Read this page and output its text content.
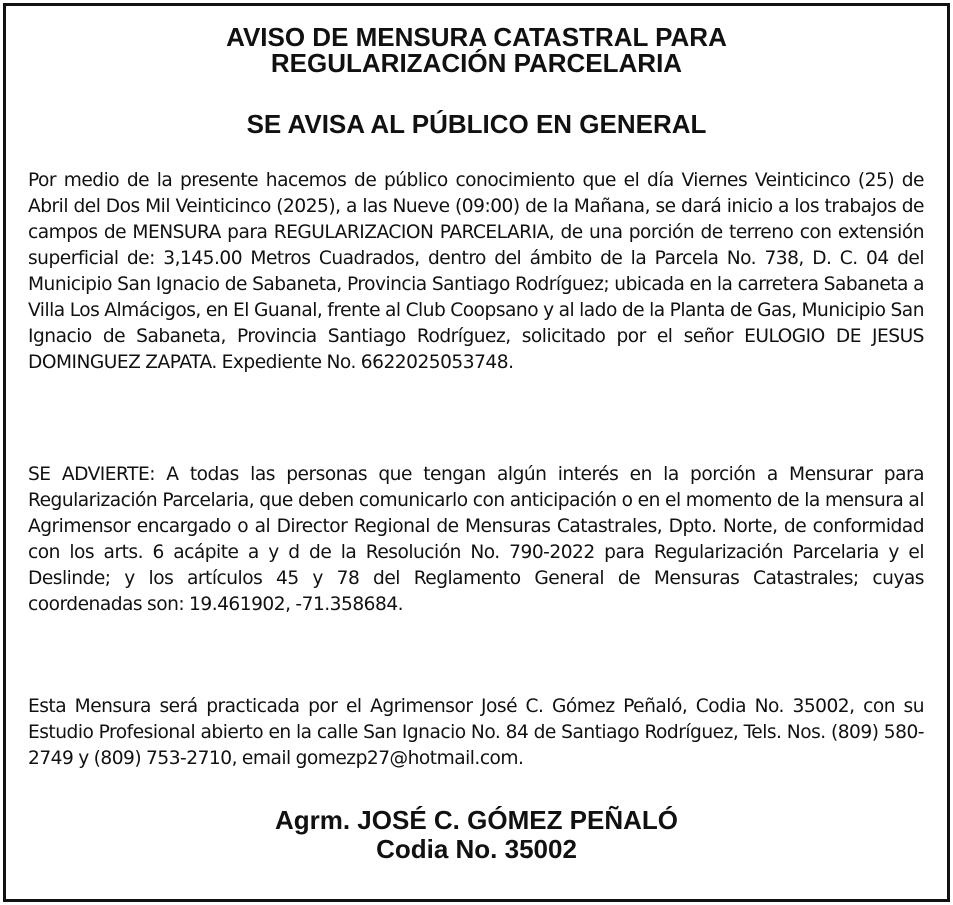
AVISO DE MENSURA CATASTRAL PARA
REGULARIZACIÓN PARCELARIA
SE AVISA AL PÚBLICO EN GENERAL

Por medio de la presente hacemos de público conocimiento que el día Viernes Veinticinco (25) de Abril del Dos Mil Veinticinco (2025), a las Nueve (09:00) de la Mañana, se dará inicio a los trabajos de campos de MENSURA para REGULARIZACION PARCELARIA, de una porción de terreno con extensión superficial de: 3,145.00 Metros Cuadrados, dentro del ámbito de la Parcela No. 738, D. C. 04 del Municipio San Ignacio de Sabaneta, Provincia Santiago Rodríguez; ubicada en la carretera Sabaneta a Villa Los Almácigos, en El Guanal, frente al Club Coopsano y al lado de la Planta de Gas, Municipio San Ignacio de Sabaneta, Provincia Santiago Rodríguez, solicitado por el señor EULOGIO DE JESUS DOMINGUEZ ZAPATA. Expediente No. 6622025053748.

SE ADVIERTE: A todas las personas que tengan algún interés en la porción a Mensurar para Regularización Parcelaria, que deben comunicarlo con anticipación o en el momento de la mensura al Agrimensor encargado o al Director Regional de Mensuras Catastrales, Dpto. Norte, de conformidad con los arts. 6 acápite a y d de la Resolución No. 790-2022 para Regularización Parcelaria y el Deslinde; y los artículos 45 y 78 del Reglamento General de Mensuras Catastrales; cuyas coordenadas son: 19.461902, -71.358684.

Esta Mensura será practicada por el Agrimensor José C. Gómez Peñaló, Codia No. 35002, con su Estudio Profesional abierto en la calle San Ignacio No. 84 de Santiago Rodríguez, Tels. Nos. (809) 580-2749 y (809) 753-2710, email gomezp27@hotmail.com.

Agrm. JOSÉ C. GÓMEZ PEÑALÓ
Codia No. 35002
